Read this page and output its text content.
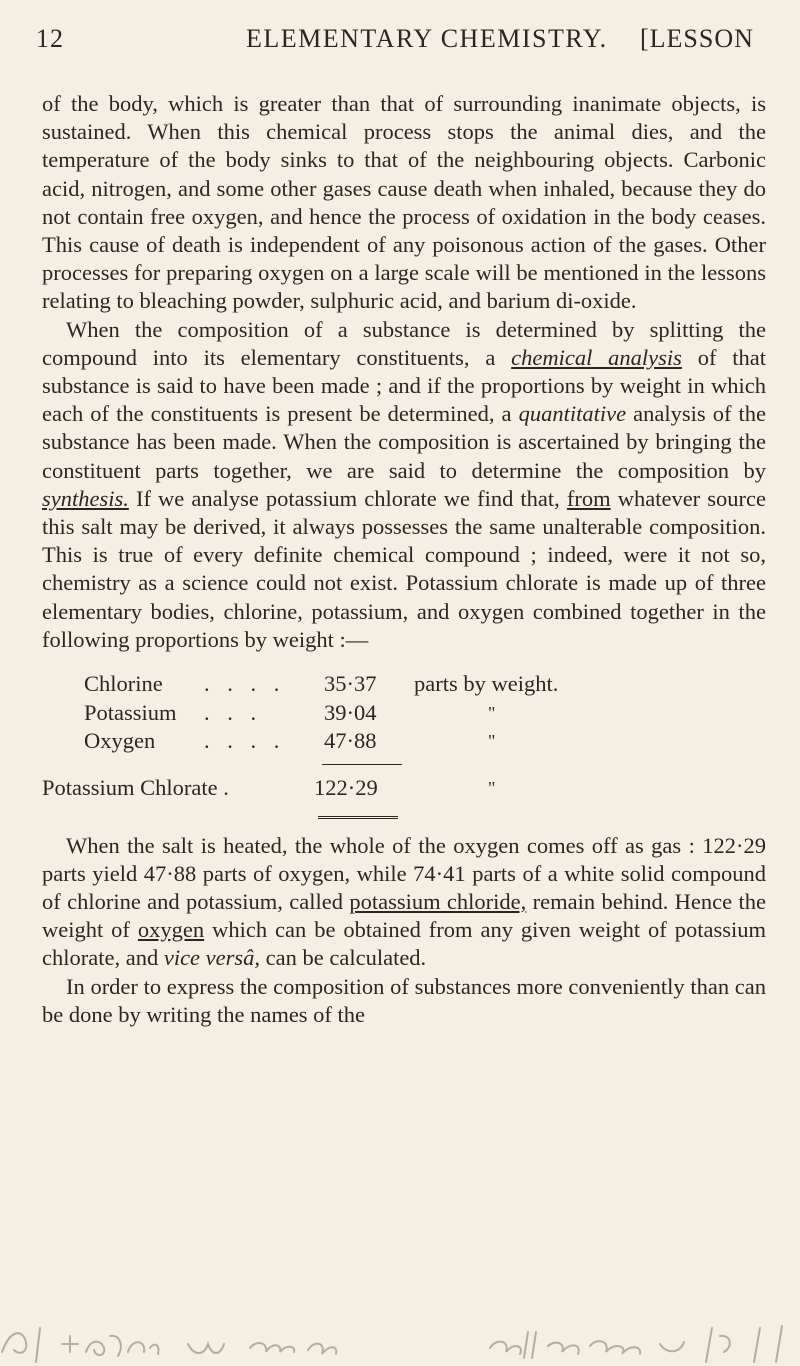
12	ELEMENTARY CHEMISTRY. [LESSON

of the body, which is greater than that of surrounding inanimate objects, is sustained. When this chemical process stops the animal dies, and the temperature of the body sinks to that of the neighbouring objects. Carbonic acid, nitrogen, and some other gases cause death when inhaled, because they do not contain free oxygen, and hence the process of oxidation in the body ceases. This cause of death is independent of any poisonous action of the gases. Other processes for preparing oxygen on a large scale will be mentioned in the lessons relating to bleaching powder, sulphuric acid, and barium di-oxide.

When the composition of a substance is determined by splitting the compound into its elementary constituents, a chemical analysis of that substance is said to have been made ; and if the proportions by weight in which each of the constituents is present be determined, a quantitative analysis of the substance has been made. When the composition is ascertained by bringing the constituent parts together, we are said to determine the composition by synthesis. If we analyse potassium chlorate we find that, from whatever source this salt may be derived, it always possesses the same unalterable composition. This is true of every definite chemical compound ; indeed, were it not so, chemistry as a science could not exist. Potassium chlorate is made up of three elementary bodies, chlorine, potassium, and oxygen combined together in the following proportions by weight :—

Chlorine . . . . 35·37 parts by weight.
Potassium . . .	39·04	"
Oxygen . . . . 47·88	"
Potassium Chlorate .	122·29	"

When the salt is heated, the whole of the oxygen comes off as gas : 122·29 parts yield 47·88 parts of oxygen, while 74·41 parts of a white solid compound of chlorine and potassium, called potassium chloride, remain behind. Hence the weight of oxygen which can be obtained from any given weight of potassium chlorate, and vice versâ, can be calculated.

In order to express the composition of substances more conveniently than can be done by writing the names of the
